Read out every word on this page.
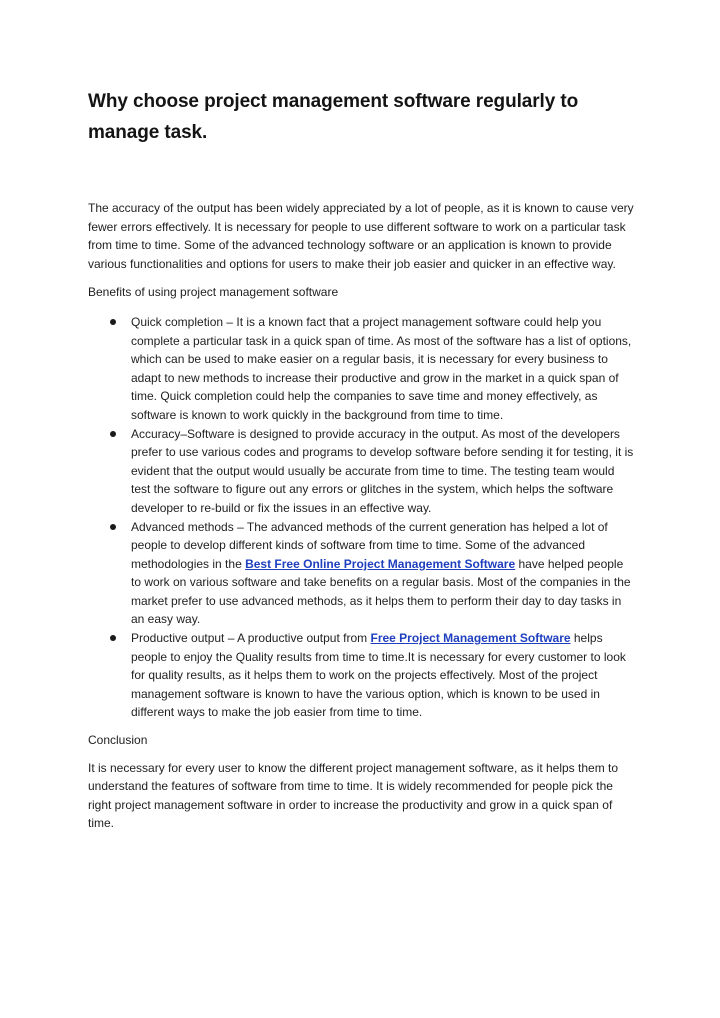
Why choose project management software regularly to manage task.

The accuracy of the output has been widely appreciated by a lot of people, as it is known to cause very fewer errors effectively. It is necessary for people to use different software to work on a particular task from time to time. Some of the advanced technology software or an application is known to provide various functionalities and options for users to make their job easier and quicker in an effective way.

Benefits of using project management software

Quick completion – It is a known fact that a project management software could help you complete a particular task in a quick span of time. As most of the software has a list of options, which can be used to make easier on a regular basis, it is necessary for every business to adapt to new methods to increase their productive and grow in the market in a quick span of time. Quick completion could help the companies to save time and money effectively, as software is known to work quickly in the background from time to time.
Accuracy–Software is designed to provide accuracy in the output. As most of the developers prefer to use various codes and programs to develop software before sending it for testing, it is evident that the output would usually be accurate from time to time. The testing team would test the software to figure out any errors or glitches in the system, which helps the software developer to re-build or fix the issues in an effective way.
Advanced methods – The advanced methods of the current generation has helped a lot of people to develop different kinds of software from time to time. Some of the advanced methodologies in the Best Free Online Project Management Software have helped people to work on various software and take benefits on a regular basis. Most of the companies in the market prefer to use advanced methods, as it helps them to perform their day to day tasks in an easy way.
Productive output – A productive output from Free Project Management Software helps people to enjoy the Quality results from time to time.It is necessary for every customer to look for quality results, as it helps them to work on the projects effectively. Most of the project management software is known to have the various option, which is known to be used in different ways to make the job easier from time to time.

Conclusion

It is necessary for every user to know the different project management software, as it helps them to understand the features of software from time to time. It is widely recommended for people pick the right project management software in order to increase the productivity and grow in a quick span of time.
